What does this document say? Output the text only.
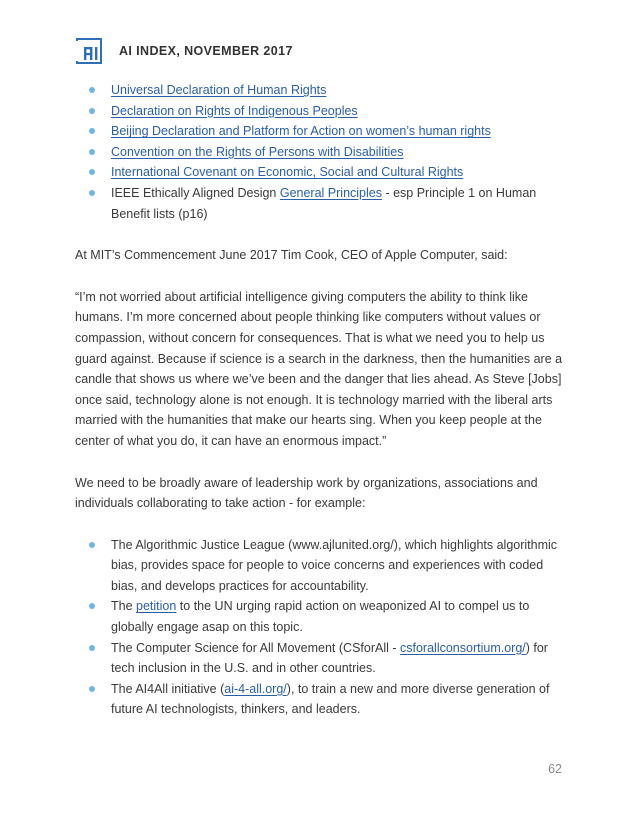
AI INDEX, NOVEMBER 2017
Universal Declaration of Human Rights
Declaration on Rights of Indigenous Peoples
Beijing Declaration and Platform for Action on women’s human rights
Convention on the Rights of Persons with Disabilities
International Covenant on Economic, Social and Cultural Rights
IEEE Ethically Aligned Design General Principles - esp Principle 1 on Human Benefit lists (p16)

At MIT’s Commencement June 2017 Tim Cook, CEO of Apple Computer, said:

“I’m not worried about artificial intelligence giving computers the ability to think like humans. I’m more concerned about people thinking like computers without values or compassion, without concern for consequences. That is what we need you to help us guard against. Because if science is a search in the darkness, then the humanities are a candle that shows us where we’ve been and the danger that lies ahead. As Steve [Jobs] once said, technology alone is not enough. It is technology married with the liberal arts married with the humanities that make our hearts sing. When you keep people at the center of what you do, it can have an enormous impact.”

We need to be broadly aware of leadership work by organizations, associations and individuals collaborating to take action - for example:

The Algorithmic Justice League (www.ajlunited.org/), which highlights algorithmic bias, provides space for people to voice concerns and experiences with coded bias, and develops practices for accountability.
The petition to the UN urging rapid action on weaponized AI to compel us to globally engage asap on this topic.
The Computer Science for All Movement (CSforAll - csforallconsortium.org/) for tech inclusion in the U.S. and in other countries.
The AI4All initiative (ai-4-all.org/), to train a new and more diverse generation of future AI technologists, thinkers, and leaders.
62
